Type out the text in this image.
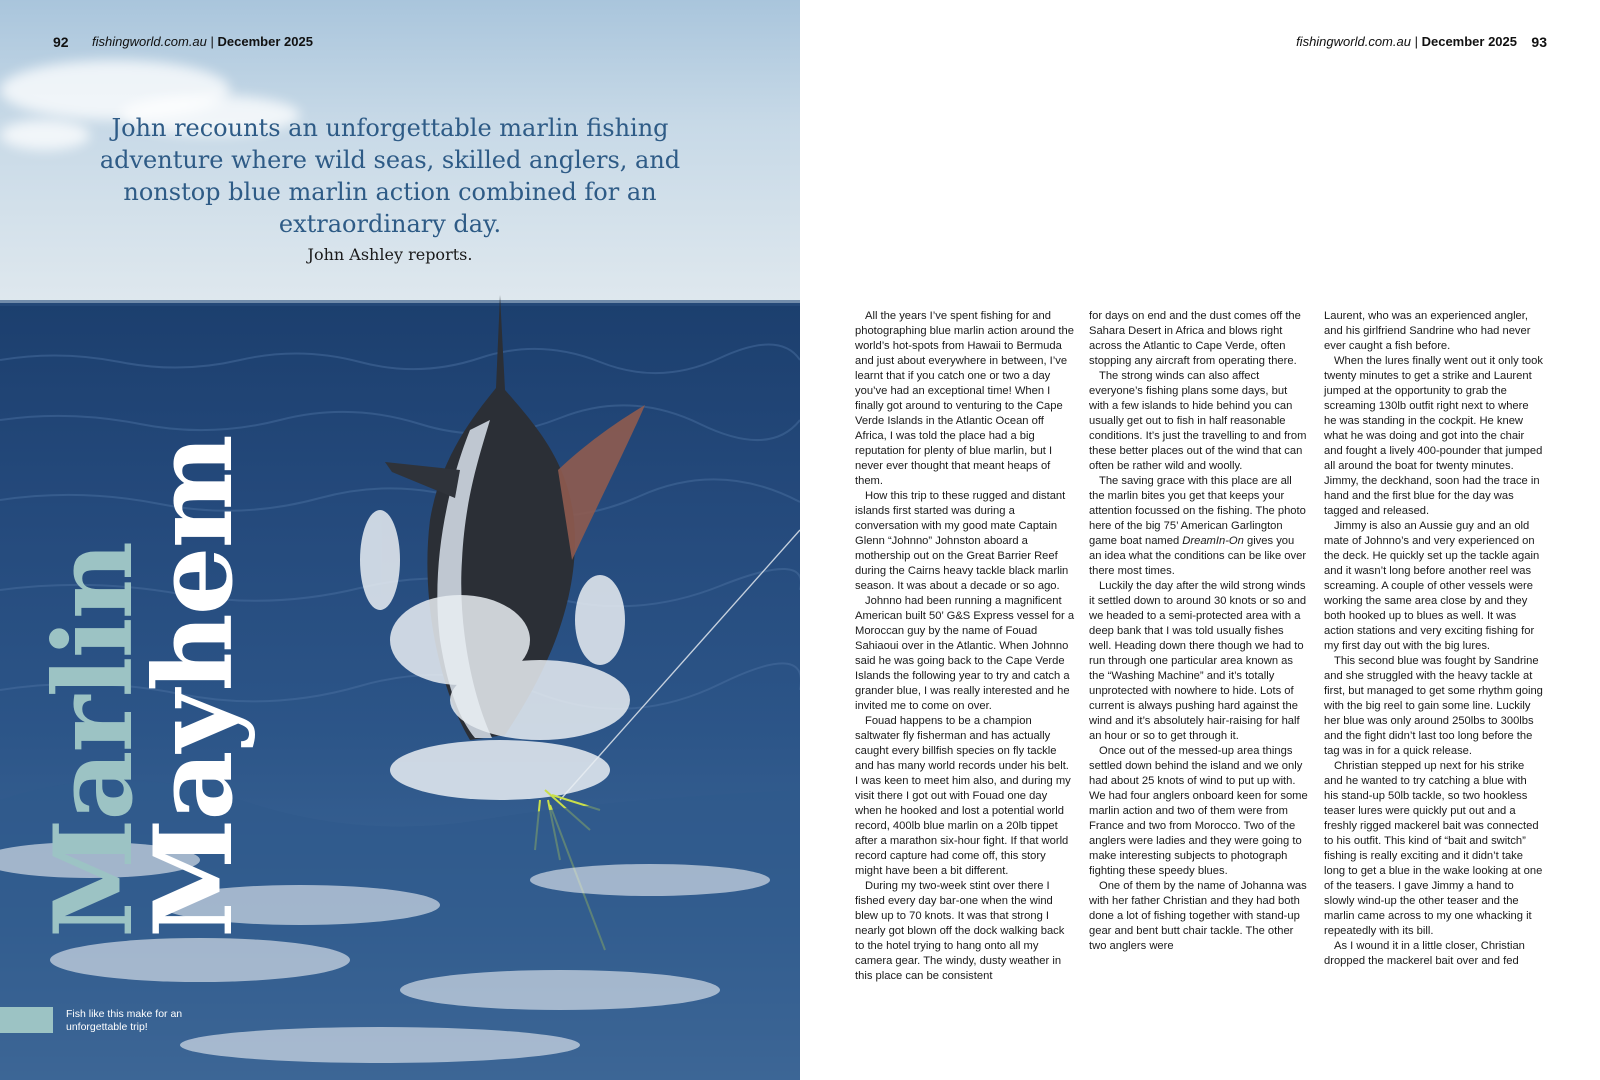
92 fishingworld.com.au | December 2025
John recounts an unforgettable marlin fishing adventure where wild seas, skilled anglers, and nonstop blue marlin action combined for an extraordinary day.
John Ashley reports.
Marlin
Mayhem
Fish like this make for an unforgettable trip!
fishingworld.com.au | December 2025 93

All the years I’ve spent fishing for and photographing blue marlin action around the world’s hot-spots from Hawaii to Bermuda and just about everywhere in between, I’ve learnt that if you catch one or two a day you’ve had an exceptional time! When I finally got around to venturing to the Cape Verde Islands in the Atlantic Ocean off Africa, I was told the place had a big reputation for plenty of blue marlin, but I never ever thought that meant heaps of them.

How this trip to these rugged and distant islands first started was during a conversation with my good mate Captain Glenn “Johnno” Johnston aboard a mothership out on the Great Barrier Reef during the Cairns heavy tackle black marlin season. It was about a decade or so ago.

Johnno had been running a magnificent American built 50’ G&S Express vessel for a Moroccan guy by the name of Fouad Sahiaoui over in the Atlantic. When Johnno said he was going back to the Cape Verde Islands the following year to try and catch a grander blue, I was really interested and he invited me to come on over.

Fouad happens to be a champion saltwater fly fisherman and has actually caught every billfish species on fly tackle and has many world records under his belt. I was keen to meet him also, and during my visit there I got out with Fouad one day when he hooked and lost a potential world record, 400lb blue marlin on a 20lb tippet after a marathon six-hour fight. If that world record capture had come off, this story might have been a bit different.

During my two-week stint over there I fished every day bar-one when the wind blew up to 70 knots. It was that strong I nearly got blown off the dock walking back to the hotel trying to hang onto all my camera gear. The windy, dusty weather in this place can be consistent

for days on end and the dust comes off the Sahara Desert in Africa and blows right across the Atlantic to Cape Verde, often stopping any aircraft from operating there.

The strong winds can also affect everyone’s fishing plans some days, but with a few islands to hide behind you can usually get out to fish in half reasonable conditions. It’s just the travelling to and from these better places out of the wind that can often be rather wild and woolly.

The saving grace with this place are all the marlin bites you get that keeps your attention focussed on the fishing. The photo here of the big 75’ American Garlington game boat named DreamIn-On gives you an idea what the conditions can be like over there most times.

Luckily the day after the wild strong winds it settled down to around 30 knots or so and we headed to a semi-protected area with a deep bank that I was told usually fishes well. Heading down there though we had to run through one particular area known as the “Washing Machine” and it’s totally unprotected with nowhere to hide. Lots of current is always pushing hard against the wind and it’s absolutely hair-raising for half an hour or so to get through it.

Once out of the messed-up area things settled down behind the island and we only had about 25 knots of wind to put up with. We had four anglers onboard keen for some marlin action and two of them were from France and two from Morocco. Two of the anglers were ladies and they were going to make interesting subjects to photograph fighting these speedy blues.

One of them by the name of Johanna was with her father Christian and they had both done a lot of fishing together with stand-up gear and bent butt chair tackle. The other two anglers were

Laurent, who was an experienced angler, and his girlfriend Sandrine who had never ever caught a fish before.

When the lures finally went out it only took twenty minutes to get a strike and Laurent jumped at the opportunity to grab the screaming 130lb outfit right next to where he was standing in the cockpit. He knew what he was doing and got into the chair and fought a lively 400-pounder that jumped all around the boat for twenty minutes. Jimmy, the deckhand, soon had the trace in hand and the first blue for the day was tagged and released.

Jimmy is also an Aussie guy and an old mate of Johnno’s and very experienced on the deck. He quickly set up the tackle again and it wasn’t long before another reel was screaming. A couple of other vessels were working the same area close by and they both hooked up to blues as well. It was action stations and very exciting fishing for my first day out with the big lures.

This second blue was fought by Sandrine and she struggled with the heavy tackle at first, but managed to get some rhythm going with the big reel to gain some line. Luckily her blue was only around 250lbs to 300lbs and the fight didn’t last too long before the tag was in for a quick release.

Christian stepped up next for his strike and he wanted to try catching a blue with his stand-up 50lb tackle, so two hookless teaser lures were quickly put out and a freshly rigged mackerel bait was connected to his outfit. This kind of “bait and switch” fishing is really exciting and it didn’t take long to get a blue in the wake looking at one of the teasers. I gave Jimmy a hand to slowly wind-up the other teaser and the marlin came across to my one whacking it repeatedly with its bill.

As I wound it in a little closer, Christian dropped the mackerel bait over and fed
